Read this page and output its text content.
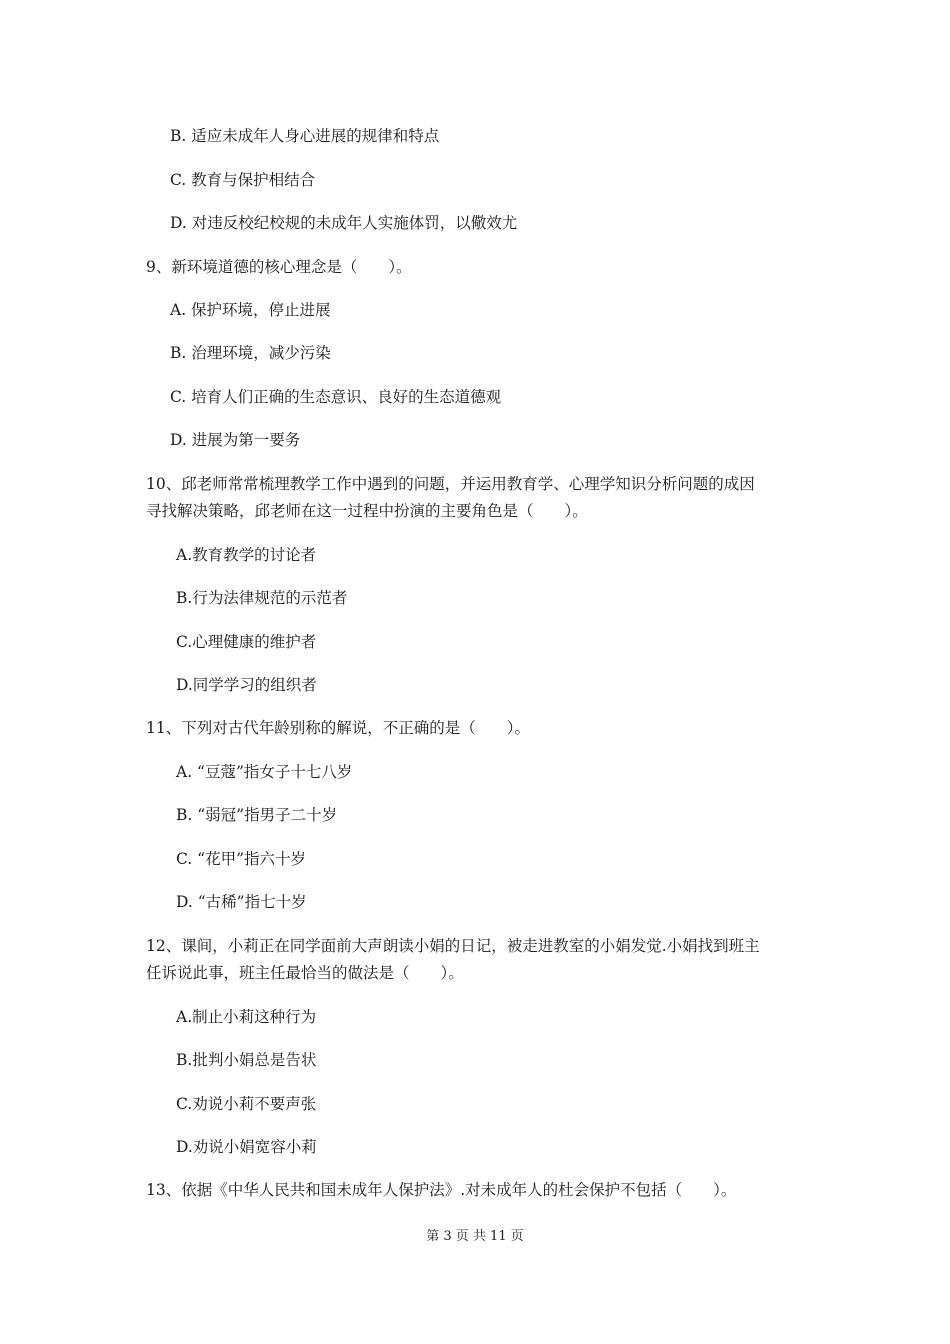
B. 适应未成年人身心进展的规律和特点
C. 教育与保护相结合
D. 对违反校纪校规的未成年人实施体罚，以儆效尤
9、新环境道德的核心理念是（　　）。
A. 保护环境，停止进展
B. 治理环境，减少污染
C. 培育人们正确的生态意识、良好的生态道德观
D. 进展为第一要务
10、邱老师常常梳理教学工作中遇到的问题，并运用教育学、心理学知识分析问题的成因
寻找解决策略，邱老师在这一过程中扮演的主要角色是（　　）。
A.教育教学的讨论者
B.行为法律规范的示范者
C.心理健康的维护者
D.同学学习的组织者
11、下列对古代年龄别称的解说，不正确的是（　　）。
A. “豆蔻”指女子十七八岁
B. “弱冠”指男子二十岁
C. “花甲”指六十岁
D. “古稀”指七十岁
12、课间，小莉正在同学面前大声朗读小娟的日记，被走进教室的小娟发觉.小娟找到班主
任诉说此事，班主任最恰当的做法是（　　）。
A.制止小莉这种行为
B.批判小娟总是告状
C.劝说小莉不要声张
D.劝说小娟宽容小莉
13、依据《中华人民共和国未成年人保护法》.对未成年人的杜会保护不包括（　　）。
第 3 页 共 11 页
